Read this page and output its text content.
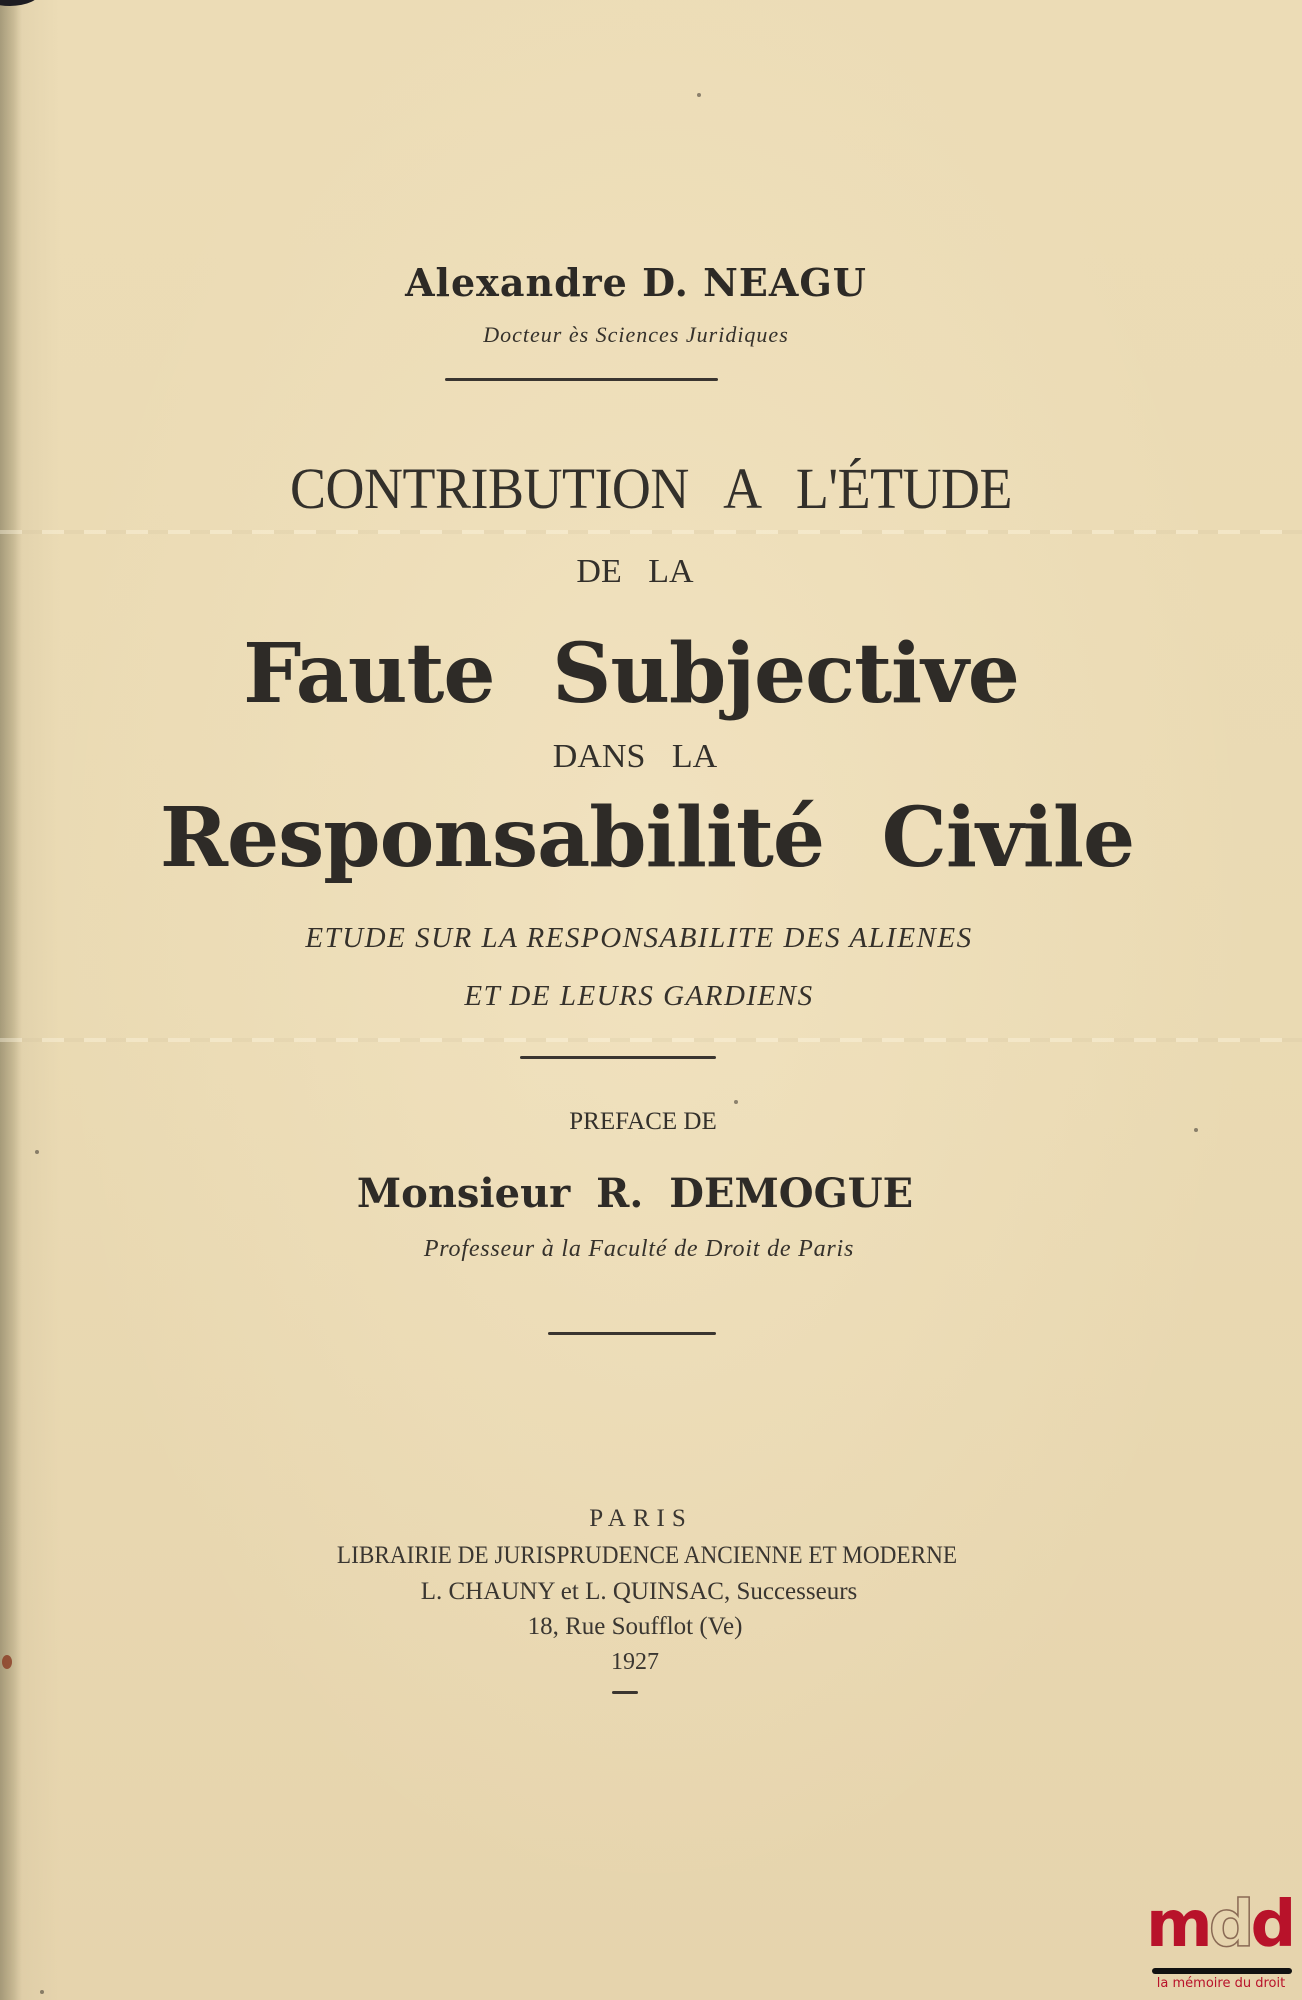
Alexandre D. NEAGU
Docteur ès Sciences Juridiques
CONTRIBUTION A L'ÉTUDE
DE LA
Faute Subjective
DANS LA
Responsabilité Civile
ETUDE SUR LA RESPONSABILITE DES ALIENES
ET DE LEURS GARDIENS
PREFACE DE
Monsieur R. DEMOGUE
Professeur à la Faculté de Droit de Paris
PARIS
LIBRAIRIE DE JURISPRUDENCE ANCIENNE ET MODERNE
L. CHAUNY et L. QUINSAC, Successeurs
18, Rue Soufflot (Ve)
1927
mdd
la mémoire du droit
